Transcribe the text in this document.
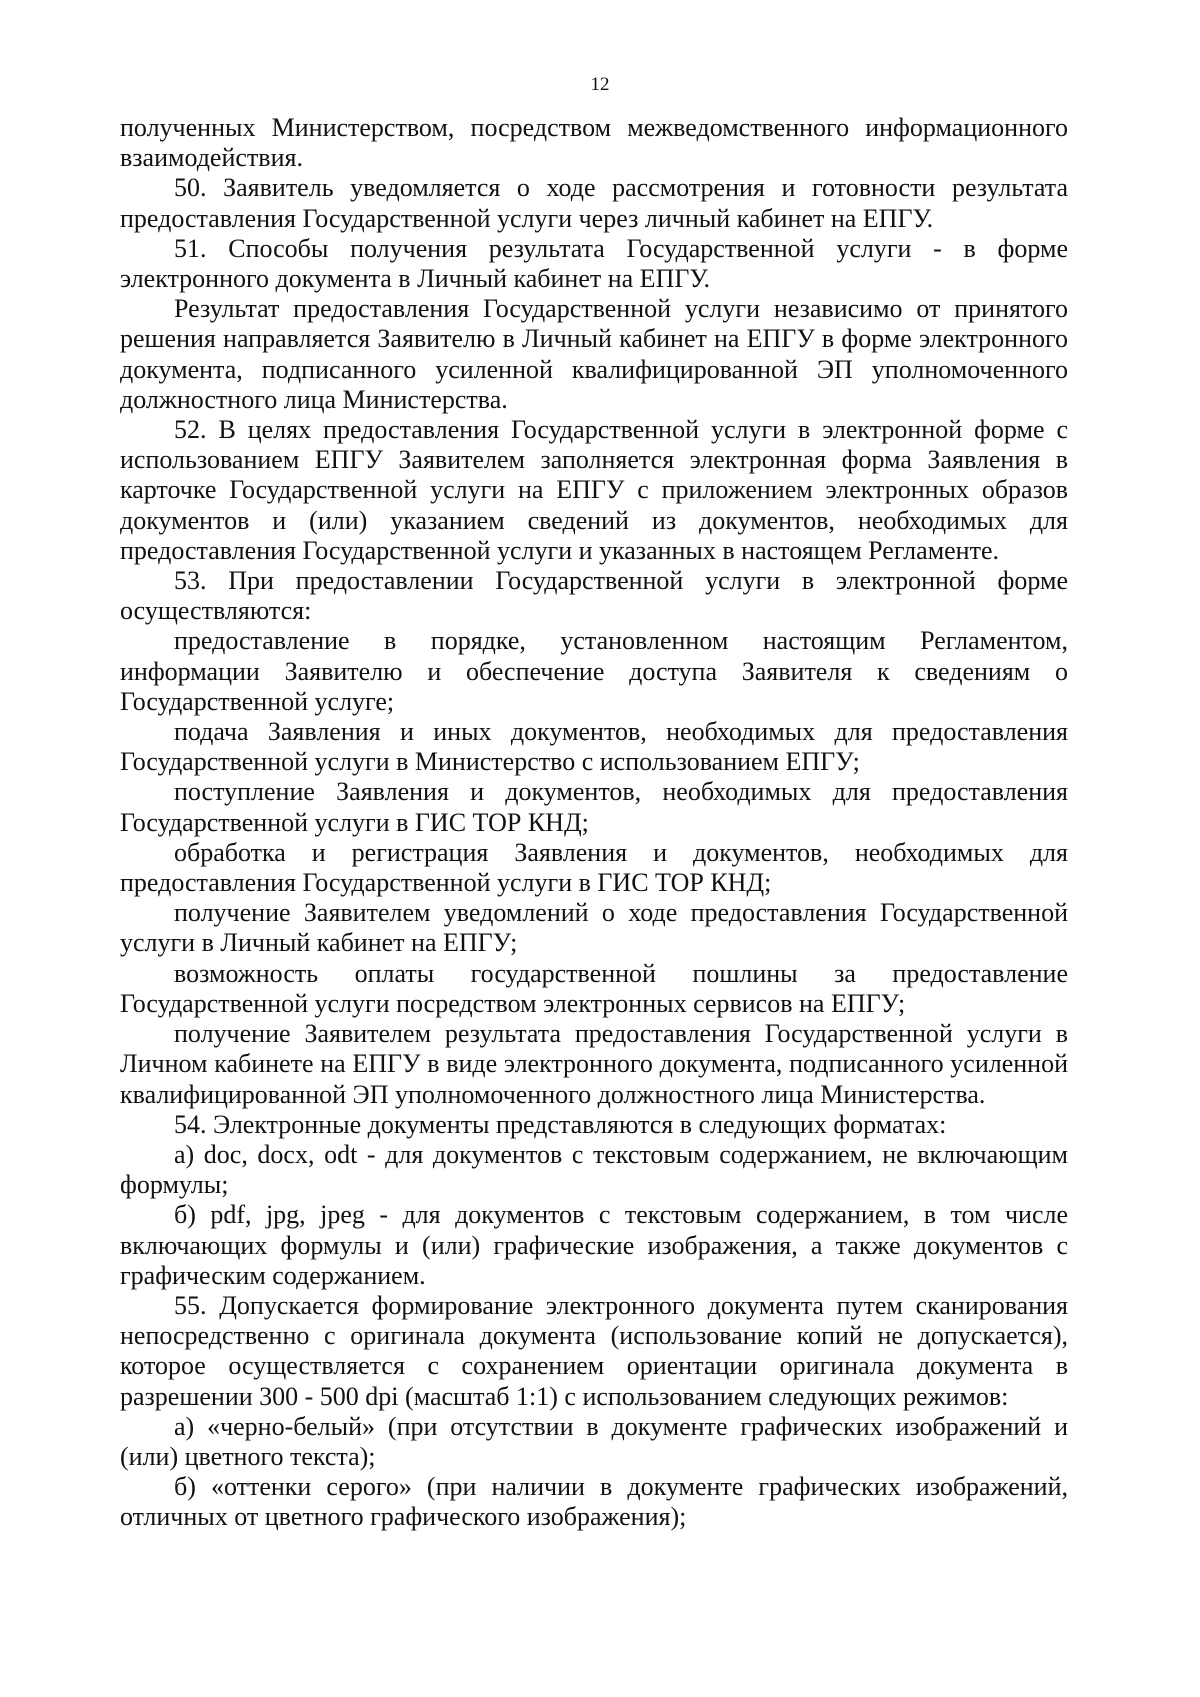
12

полученных Министерством, посредством межведомственного информационного взаимодействия.

50. Заявитель уведомляется о ходе рассмотрения и готовности результата предоставления Государственной услуги через личный кабинет на ЕПГУ.

51. Способы получения результата Государственной услуги - в форме электронного документа в Личный кабинет на ЕПГУ.

Результат предоставления Государственной услуги независимо от принятого решения направляется Заявителю в Личный кабинет на ЕПГУ в форме электронного документа, подписанного усиленной квалифицированной ЭП уполномоченного должностного лица Министерства.

52. В целях предоставления Государственной услуги в электронной форме с использованием ЕПГУ Заявителем заполняется электронная форма Заявления в карточке Государственной услуги на ЕПГУ с приложением электронных образов документов и (или) указанием сведений из документов, необходимых для предоставления Государственной услуги и указанных в настоящем Регламенте.

53. При предоставлении Государственной услуги в электронной форме осуществляются:

предоставление в порядке, установленном настоящим Регламентом, информации Заявителю и обеспечение доступа Заявителя к сведениям о Государственной услуге;

подача Заявления и иных документов, необходимых для предоставления Государственной услуги в Министерство с использованием ЕПГУ;

поступление Заявления и документов, необходимых для предоставления Государственной услуги в ГИС ТОР КНД;

обработка и регистрация Заявления и документов, необходимых для предоставления Государственной услуги в ГИС ТОР КНД;

получение Заявителем уведомлений о ходе предоставления Государственной услуги в Личный кабинет на ЕПГУ;

возможность оплаты государственной пошлины за предоставление Государственной услуги посредством электронных сервисов на ЕПГУ;

получение Заявителем результата предоставления Государственной услуги в Личном кабинете на ЕПГУ в виде электронного документа, подписанного усиленной квалифицированной ЭП уполномоченного должностного лица Министерства.

54. Электронные документы представляются в следующих форматах:

а) doc, docx, odt - для документов с текстовым содержанием, не включающим формулы;

б) pdf, jpg, jpeg - для документов с текстовым содержанием, в том числе включающих формулы и (или) графические изображения, а также документов с графическим содержанием.

55. Допускается формирование электронного документа путем сканирования непосредственно с оригинала документа (использование копий не допускается), которое осуществляется с сохранением ориентации оригинала документа в разрешении 300 - 500 dpi (масштаб 1:1) с использованием следующих режимов:

а) «черно-белый» (при отсутствии в документе графических изображений и (или) цветного текста);

б) «оттенки серого» (при наличии в документе графических изображений, отличных от цветного графического изображения);
